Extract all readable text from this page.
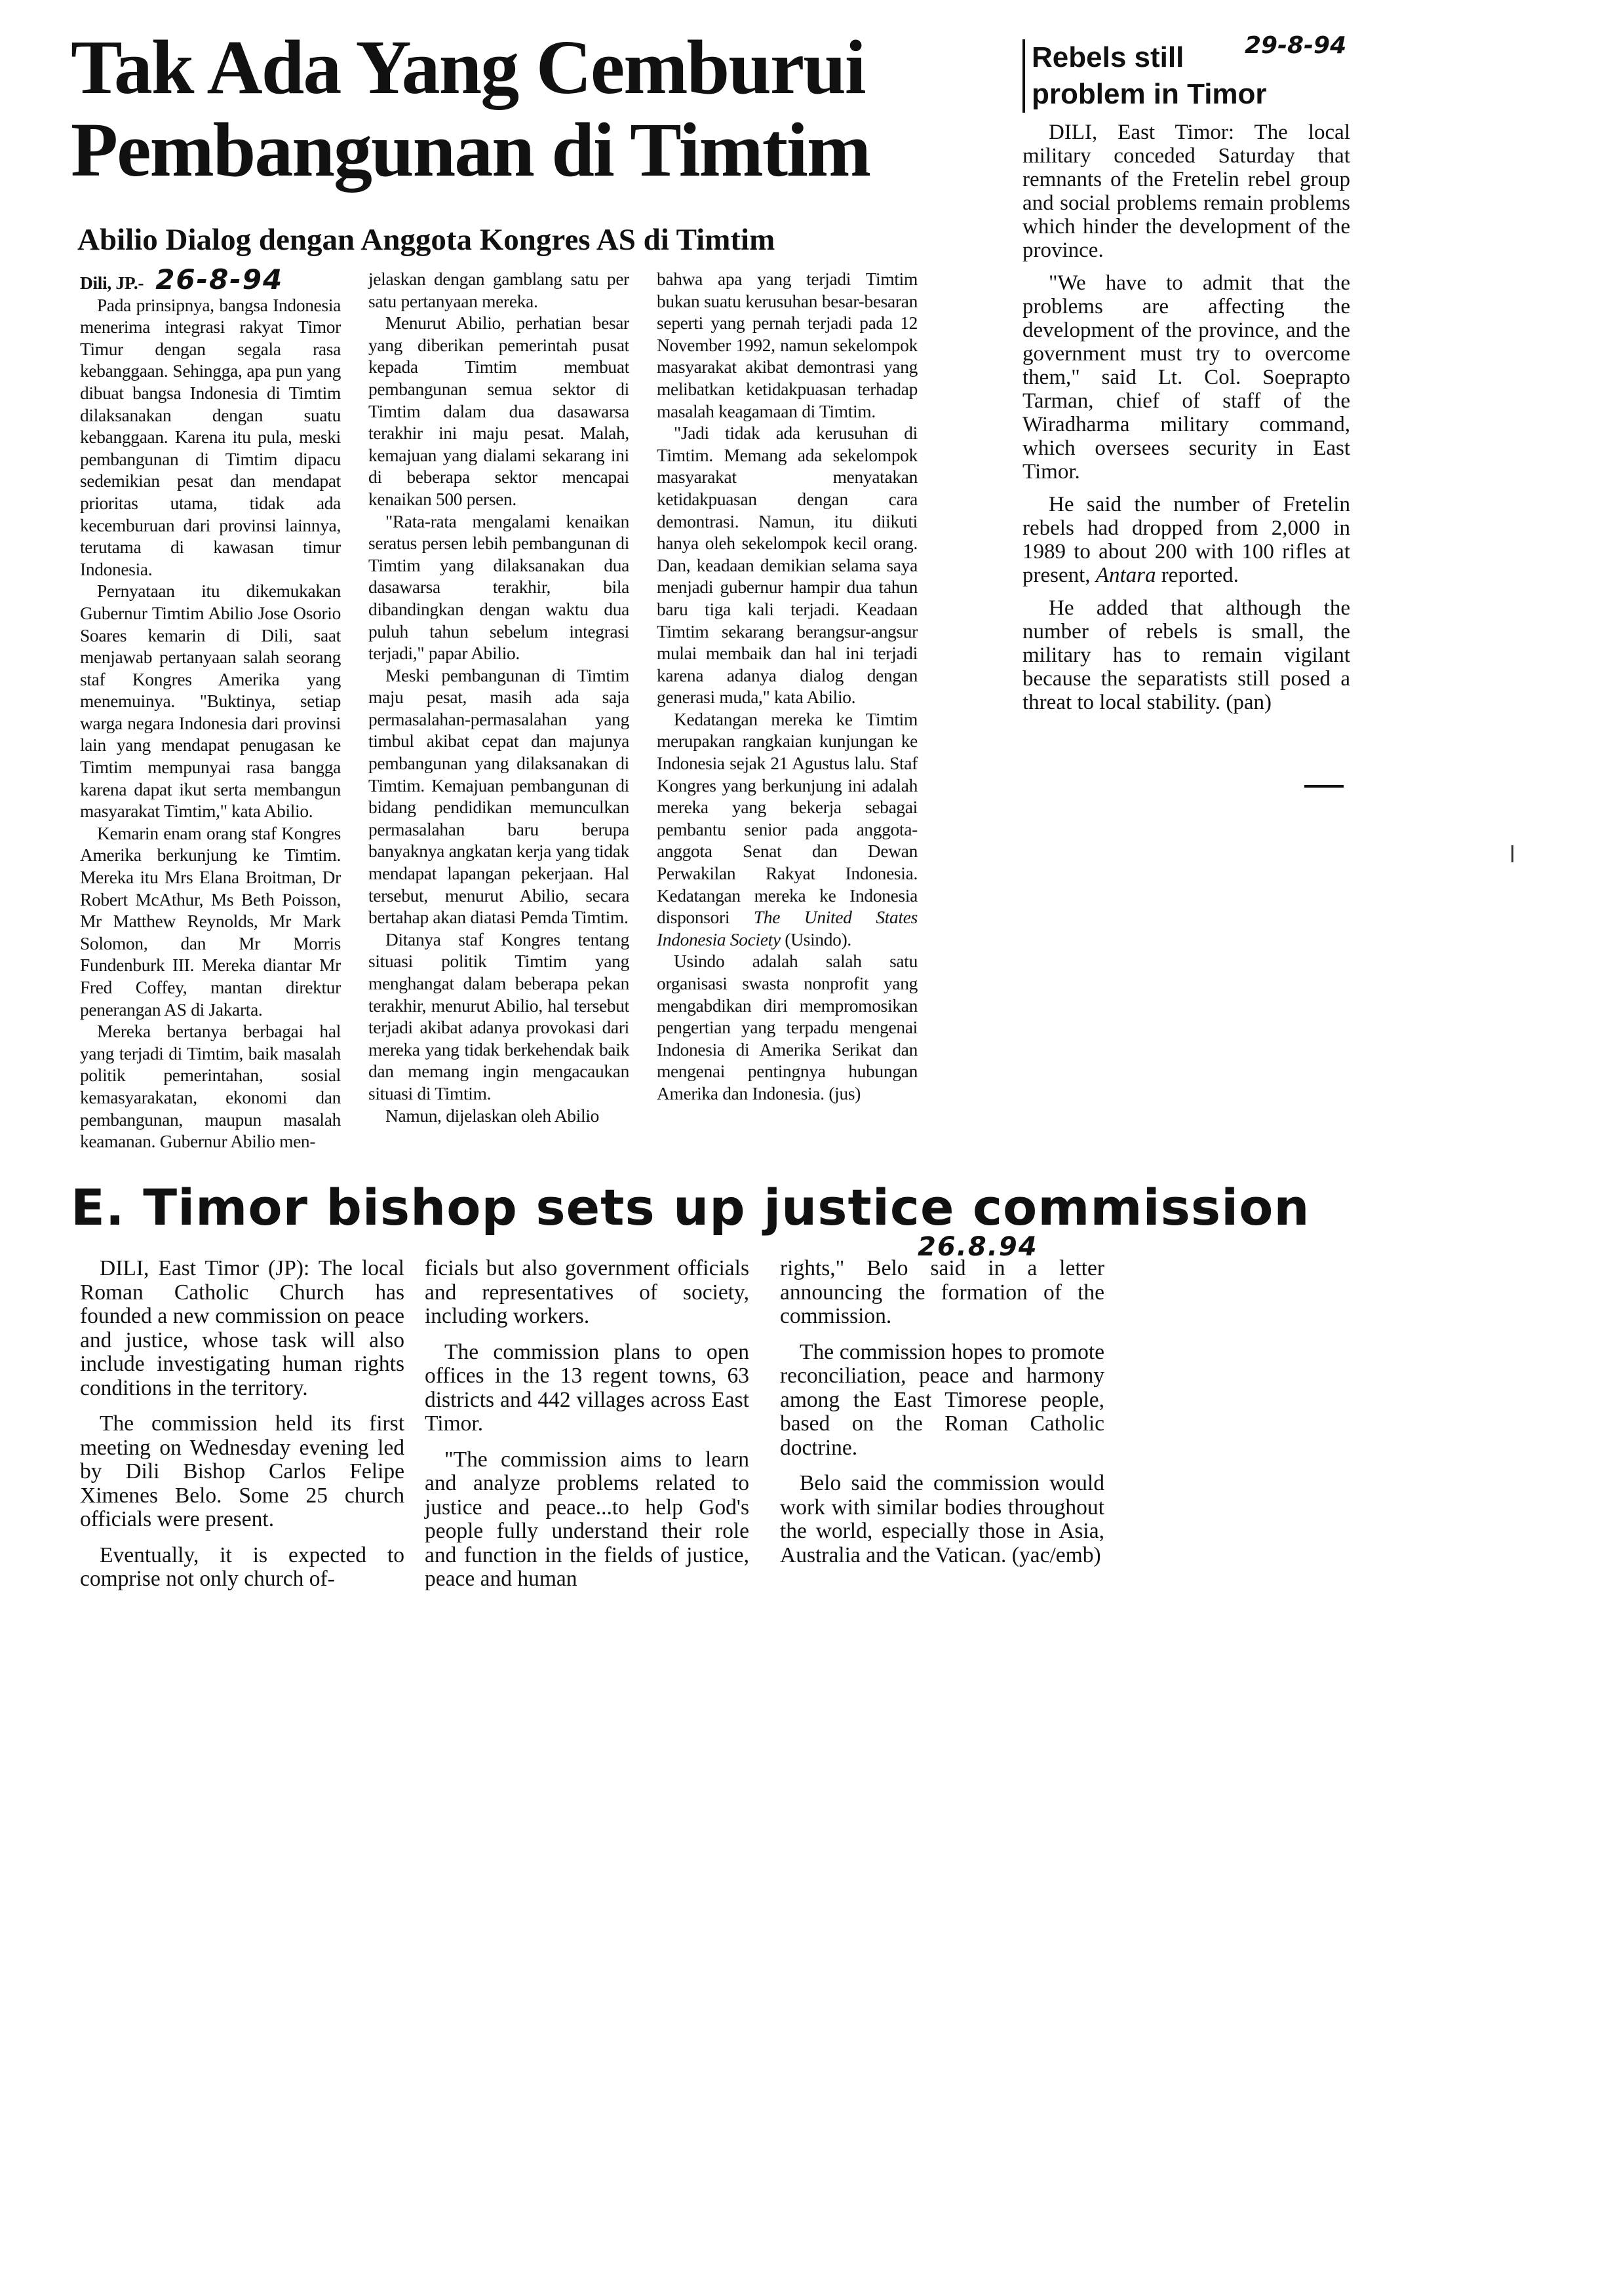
Tak Ada Yang Cemburui
Pembangunan di Timtim
Abilio Dialog dengan Anggota Kongres AS di Timtim

Dili, JP.- 26-8-94

Pada prinsipnya, bangsa Indonesia menerima integrasi rakyat Timor Timur dengan segala rasa kebanggaan. Sehingga, apa pun yang dibuat bangsa Indonesia di Timtim dilaksanakan dengan suatu kebanggaan. Karena itu pula, meski pembangunan di Timtim dipacu sedemikian pesat dan mendapat prioritas utama, tidak ada kecemburuan dari provinsi lainnya, terutama di kawasan timur Indonesia.

Pernyataan itu dikemukakan Gubernur Timtim Abilio Jose Osorio Soares kemarin di Dili, saat menjawab pertanyaan salah seorang staf Kongres Amerika yang menemuinya. "Buktinya, setiap warga negara Indonesia dari provinsi lain yang mendapat penugasan ke Timtim mempunyai rasa bangga karena dapat ikut serta membangun masyarakat Timtim," kata Abilio.

Kemarin enam orang staf Kongres Amerika berkunjung ke Timtim. Mereka itu Mrs Elana Broitman, Dr Robert McAthur, Ms Beth Poisson, Mr Matthew Reynolds, Mr Mark Solomon, dan Mr Morris Fundenburk III. Mereka diantar Mr Fred Coffey, mantan direktur penerangan AS di Jakarta.

Mereka bertanya berbagai hal yang terjadi di Timtim, baik masalah politik pemerintahan, sosial kemasyarakatan, ekonomi dan pembangunan, maupun masalah keamanan. Gubernur Abilio men-

jelaskan dengan gamblang satu per satu pertanyaan mereka.

Menurut Abilio, perhatian besar yang diberikan pemerintah pusat kepada Timtim membuat pembangunan semua sektor di Timtim dalam dua dasawarsa terakhir ini maju pesat. Malah, kemajuan yang dialami sekarang ini di beberapa sektor mencapai kenaikan 500 persen.

"Rata-rata mengalami kenaikan seratus persen lebih pembangunan di Timtim yang dilaksanakan dua dasawarsa terakhir, bila dibandingkan dengan waktu dua puluh tahun sebelum integrasi terjadi," papar Abilio.

Meski pembangunan di Timtim maju pesat, masih ada saja permasalahan-permasalahan yang timbul akibat cepat dan majunya pembangunan yang dilaksanakan di Timtim. Kemajuan pembangunan di bidang pendidikan memunculkan permasalahan baru berupa banyaknya angkatan kerja yang tidak mendapat lapangan pekerjaan. Hal tersebut, menurut Abilio, secara bertahap akan diatasi Pemda Timtim.

Ditanya staf Kongres tentang situasi politik Timtim yang menghangat dalam beberapa pekan terakhir, menurut Abilio, hal tersebut terjadi akibat adanya provokasi dari mereka yang tidak berkehendak baik dan memang ingin mengacaukan situasi di Timtim.

Namun, dijelaskan oleh Abilio

bahwa apa yang terjadi Timtim bukan suatu kerusuhan besar-besaran seperti yang pernah terjadi pada 12 November 1992, namun sekelompok masyarakat akibat demontrasi yang melibatkan ketidakpuasan terhadap masalah keagamaan di Timtim.

"Jadi tidak ada kerusuhan di Timtim. Memang ada sekelompok masyarakat menyatakan ketidakpuasan dengan cara demontrasi. Namun, itu diikuti hanya oleh sekelompok kecil orang. Dan, keadaan demikian selama saya menjadi gubernur hampir dua tahun baru tiga kali terjadi. Keadaan Timtim sekarang berangsur-angsur mulai membaik dan hal ini terjadi karena adanya dialog dengan generasi muda," kata Abilio.

Kedatangan mereka ke Timtim merupakan rangkaian kunjungan ke Indonesia sejak 21 Agustus lalu. Staf Kongres yang berkunjung ini adalah mereka yang bekerja sebagai pembantu senior pada anggota-anggota Senat dan Dewan Perwakilan Rakyat Indonesia. Kedatangan mereka ke Indonesia disponsori The United States Indonesia Society (Usindo).

Usindo adalah salah satu organisasi swasta nonprofit yang mengabdikan diri mempromosikan pengertian yang terpadu mengenai Indonesia di Amerika Serikat dan mengenai pentingnya hubungan Amerika dan Indonesia. (jus)

Rebels still
problem in Timor
29-8-94

DILI, East Timor: The local military conceded Saturday that remnants of the Fretelin rebel group and social problems remain problems which hinder the development of the province.

"We have to admit that the problems are affecting the development of the province, and the government must try to overcome them," said Lt. Col. Soeprapto Tarman, chief of staff of the Wiradharma military command, which oversees security in East Timor.

He said the number of Fretelin rebels had dropped from 2,000 in 1989 to about 200 with 100 rifles at present, Antara reported.

He added that although the number of rebels is small, the military has to remain vigilant because the separatists still posed a threat to local stability. (pan)

E. Timor bishop sets up justice commission
26.8.94

DILI, East Timor (JP): The local Roman Catholic Church has founded a new commission on peace and justice, whose task will also include investigating human rights conditions in the territory.

The commission held its first meeting on Wednesday evening led by Dili Bishop Carlos Felipe Ximenes Belo. Some 25 church officials were present.

Eventually, it is expected to comprise not only church of-

ficials but also government officials and representatives of society, including workers.

The commission plans to open offices in the 13 regent towns, 63 districts and 442 villages across East Timor.

"The commission aims to learn and analyze problems related to justice and peace...to help God's people fully understand their role and function in the fields of justice, peace and human

rights," Belo said in a letter announcing the formation of the commission.

The commission hopes to promote reconciliation, peace and harmony among the East Timorese people, based on the Roman Catholic doctrine.

Belo said the commission would work with similar bodies throughout the world, especially those in Asia, Australia and the Vatican. (yac/emb)
